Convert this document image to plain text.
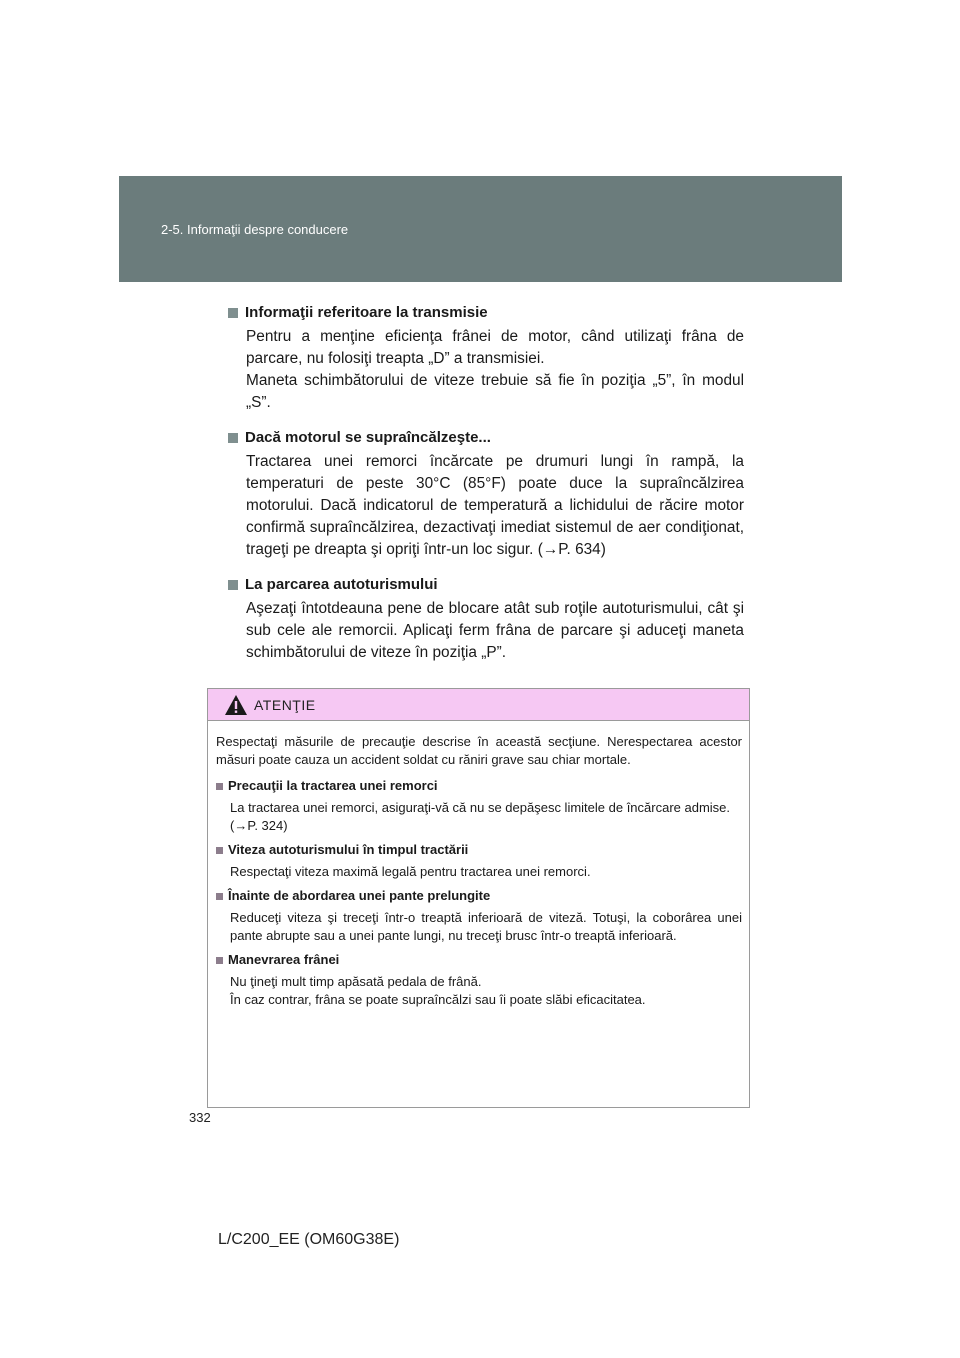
2-5. Informaţii despre conducere
Informaţii referitoare la transmisie

Pentru a menţine eficienţa frânei de motor, când utilizaţi frâna de parcare, nu folosiţi treapta „D” a transmisiei.

Maneta schimbătorului de viteze trebuie să fie în poziţia „5”, în modul „S”.

Dacă motorul se supraîncălzeşte...

Tractarea unei remorci încărcate pe drumuri lungi în rampă, la temperaturi de peste 30°C (85°F) poate duce la supraîncălzirea motorului. Dacă indicatorul de temperatură a lichidului de răcire motor confirmă supraîncălzirea, dezactivaţi imediat sistemul de aer condiţionat, trageţi pe dreapta şi opriţi într-un loc sigur. (→P. 634)

La parcarea autoturismului

Aşezaţi întotdeauna pene de blocare atât sub roţile autoturismului, cât şi sub cele ale remorcii. Aplicaţi ferm frâna de parcare şi aduceţi maneta schimbătorului de viteze în poziţia „P”.

ATENŢIE

Respectaţi măsurile de precauţie descrise în această secţiune. Nerespectarea acestor măsuri poate cauza un accident soldat cu răniri grave sau chiar mortale.

Precauţii la tractarea unei remorci

La tractarea unei remorci, asiguraţi-vă că nu se depăşesc limitele de încărcare admise.

(→P. 324)

Viteza autoturismului în timpul tractării

Respectaţi viteza maximă legală pentru tractarea unei remorci.

Înainte de abordarea unei pante prelungite

Reduceţi viteza şi treceţi într-o treaptă inferioară de viteză. Totuşi, la coborârea unei pante abrupte sau a unei pante lungi, nu treceţi brusc într-o treaptă inferioară.

Manevrarea frânei

Nu ţineţi mult timp apăsată pedala de frână.

În caz contrar, frâna se poate supraîncălzi sau îi poate slăbi eficacitatea.

332
L/C200_EE (OM60G38E)
